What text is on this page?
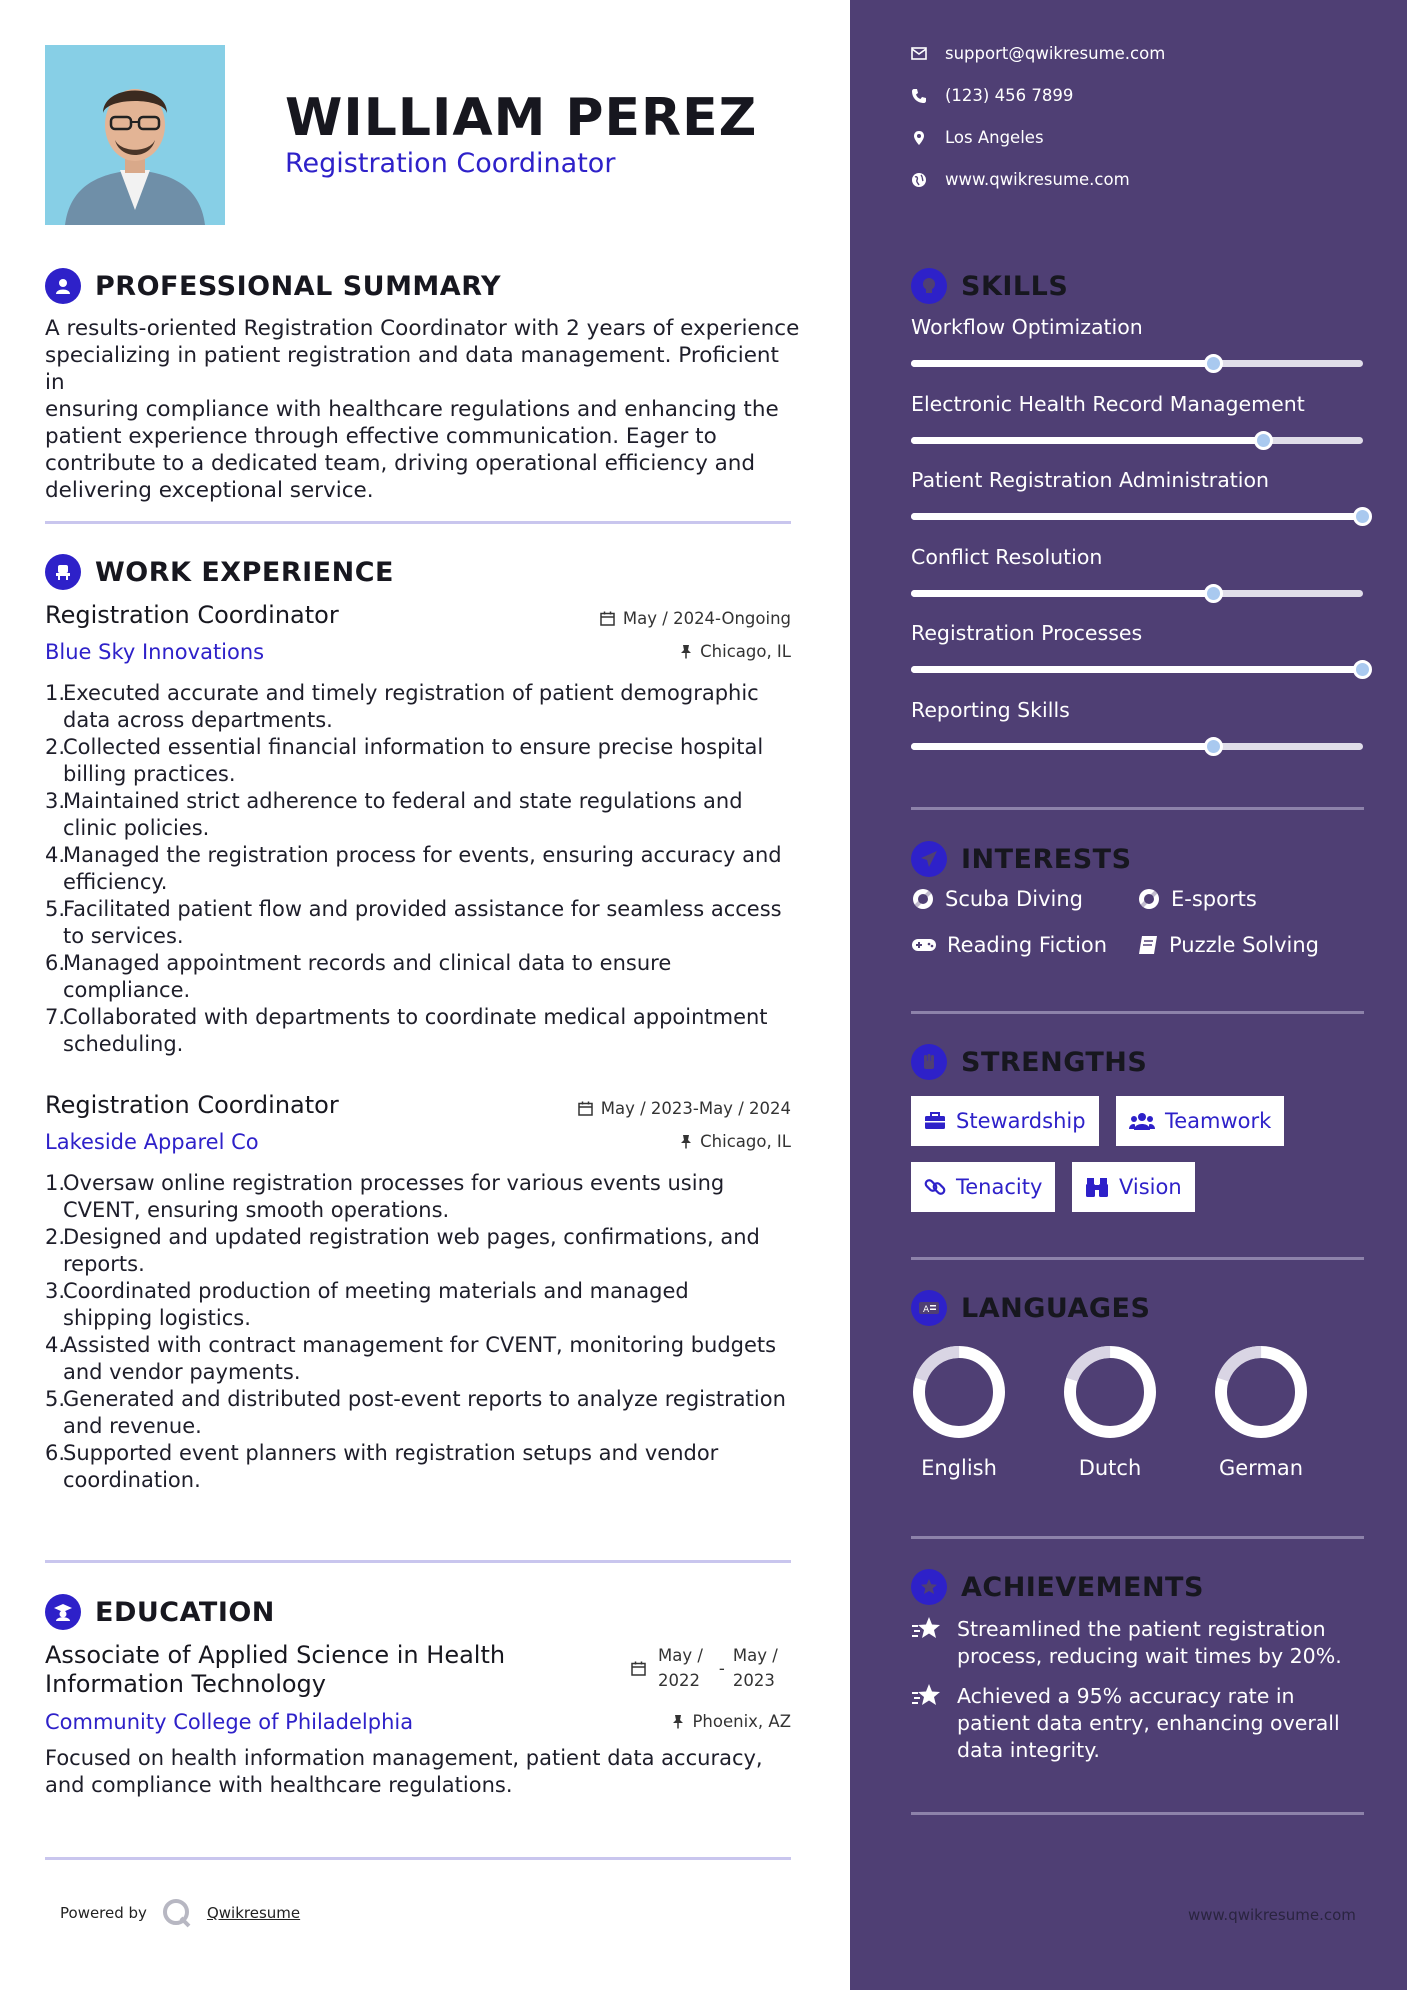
WILLIAM PEREZ
Registration Coordinator
PROFESSIONAL SUMMARY
A results-oriented Registration Coordinator with 2 years of experience
specializing in patient registration and data management. Proficient in
ensuring compliance with healthcare regulations and enhancing the
patient experience through effective communication. Eager to
contribute to a dedicated team, driving operational efficiency and
delivering exceptional service.
WORK EXPERIENCE
Registration Coordinator
Blue Sky Innovations
May / 2024-Ongoing
Chicago, IL
1.
Executed accurate and timely registration of patient demographic
data across departments.
2.
Collected essential financial information to ensure precise hospital
billing practices.
3.
Maintained strict adherence to federal and state regulations and
clinic policies.
4.
Managed the registration process for events, ensuring accuracy and
efficiency.
5.
Facilitated patient flow and provided assistance for seamless access
to services.
6.
Managed appointment records and clinical data to ensure
compliance.
7.
Collaborated with departments to coordinate medical appointment
scheduling.
Registration Coordinator
Lakeside Apparel Co
May / 2023-May / 2024
Chicago, IL
1.
Oversaw online registration processes for various events using
CVENT, ensuring smooth operations.
2.
Designed and updated registration web pages, confirmations, and
reports.
3.
Coordinated production of meeting materials and managed
shipping logistics.
4.
Assisted with contract management for CVENT, monitoring budgets
and vendor payments.
5.
Generated and distributed post-event reports to analyze registration
and revenue.
6.
Supported event planners with registration setups and vendor
coordination.
EDUCATION
Associate of Applied Science in Health
Information Technology
Community College of Philadelphia
May /
2022
-
May /
2023
Phoenix, AZ
Focused on health information management, patient data accuracy,
and compliance with healthcare regulations.
Powered by	Qwikresume
support@qwikresume.com
(123) 456 7899
Los Angeles
www.qwikresume.com
SKILLS
Workflow Optimization
Electronic Health Record Management
Patient Registration Administration
Conflict Resolution
Registration Processes
Reporting Skills
INTERESTS
Scuba Diving	E-sports
Reading Fiction	Puzzle Solving
STRENGTHS
Stewardship	Teamwork
Tenacity	Vision
A LANGUAGES
English	Dutch	German
ACHIEVEMENTS
Streamlined the patient registration
process, reducing wait times by 20%.
Achieved a 95% accuracy rate in
patient data entry, enhancing overall
data integrity.
www.qwikresume.com
